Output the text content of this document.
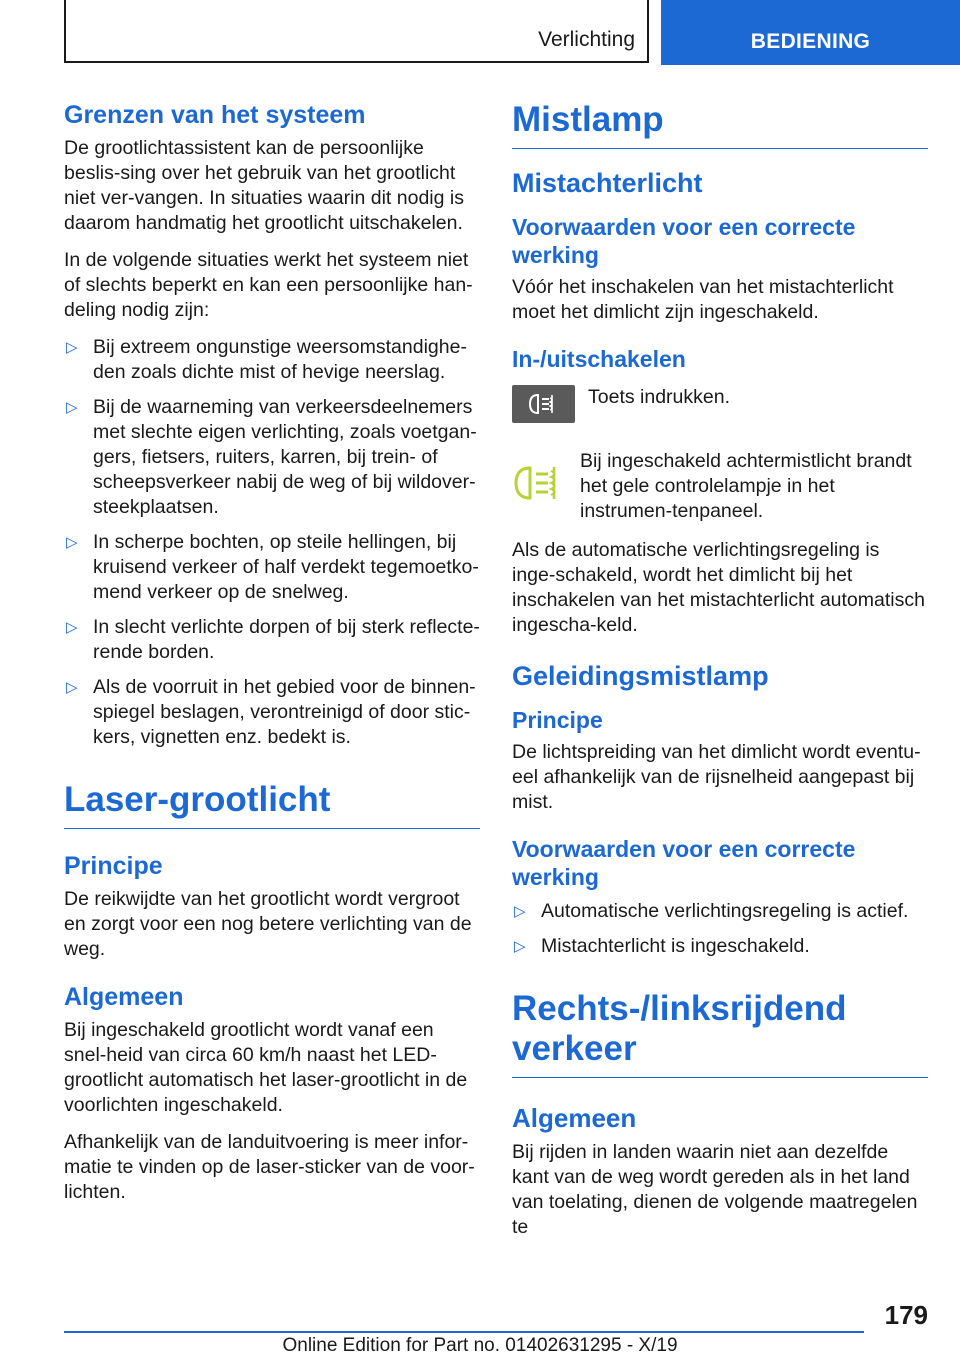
Verlichting	BEDIENING
Grenzen van het systeem

De grootlichtassistent kan de persoonlijke beslis‐sing over het gebruik van het grootlicht niet ver‐vangen. In situaties waarin dit nodig is daarom handmatig het grootlicht uitschakelen.

In de volgende situaties werkt het systeem niet of slechts beperkt en kan een persoonlijke han‐deling nodig zijn:

▷ Bij extreem ongunstige weersomstandighe‐den zoals dichte mist of hevige neerslag.
▷ Bij de waarneming van verkeersdeelnemers met slechte eigen verlichting, zoals voetgan‐gers, fietsers, ruiters, karren, bij trein- of scheepsverkeer nabij de weg of bij wildover‐steekplaatsen.
▷ In scherpe bochten, op steile hellingen, bij kruisend verkeer of half verdekt tegemoetko‐mend verkeer op de snelweg.
▷ In slecht verlichte dorpen of bij sterk reflecte‐rende borden.
▷ Als de voorruit in het gebied voor de binnen‐spiegel beslagen, verontreinigd of door stic‐kers, vignetten enz. bedekt is.
Laser-grootlicht
Principe

De reikwijdte van het grootlicht wordt vergroot en zorgt voor een nog betere verlichting van de weg.

Algemeen

Bij ingeschakeld grootlicht wordt vanaf een snel‐heid van circa 60 km/h naast het LED-grootlicht automatisch het laser-grootlicht in de voorlichten ingeschakeld.

Afhankelijk van de landuitvoering is meer infor‐matie te vinden op de laser-sticker van de voor‐lichten.

Mistlamp
Mistachterlicht
Voorwaarden voor een correcte werking

Vóór het inschakelen van het mistachterlicht moet het dimlicht zijn ingeschakeld.

In-/uitschakelen
Toets indrukken.
Bij ingeschakeld achtermistlicht brandt het gele controlelampje in het instrumen‐tenpaneel.

Als de automatische verlichtingsregeling is inge‐schakeld, wordt het dimlicht bij het inschakelen van het mistachterlicht automatisch ingescha‐keld.

Geleidingsmistlamp
Principe

De lichtspreiding van het dimlicht wordt eventu‐eel afhankelijk van de rijsnelheid aangepast bij mist.

Voorwaarden voor een correcte werking
▷ Automatische verlichtingsregeling is actief.
▷ Mistachterlicht is ingeschakeld.
Rechts-/linksrijdend verkeer
Algemeen

Bij rijden in landen waarin niet aan dezelfde kant van de weg wordt gereden als in het land van toelating, dienen de volgende maatregelen te

179
Online Edition for Part no. 01402631295 - X/19
